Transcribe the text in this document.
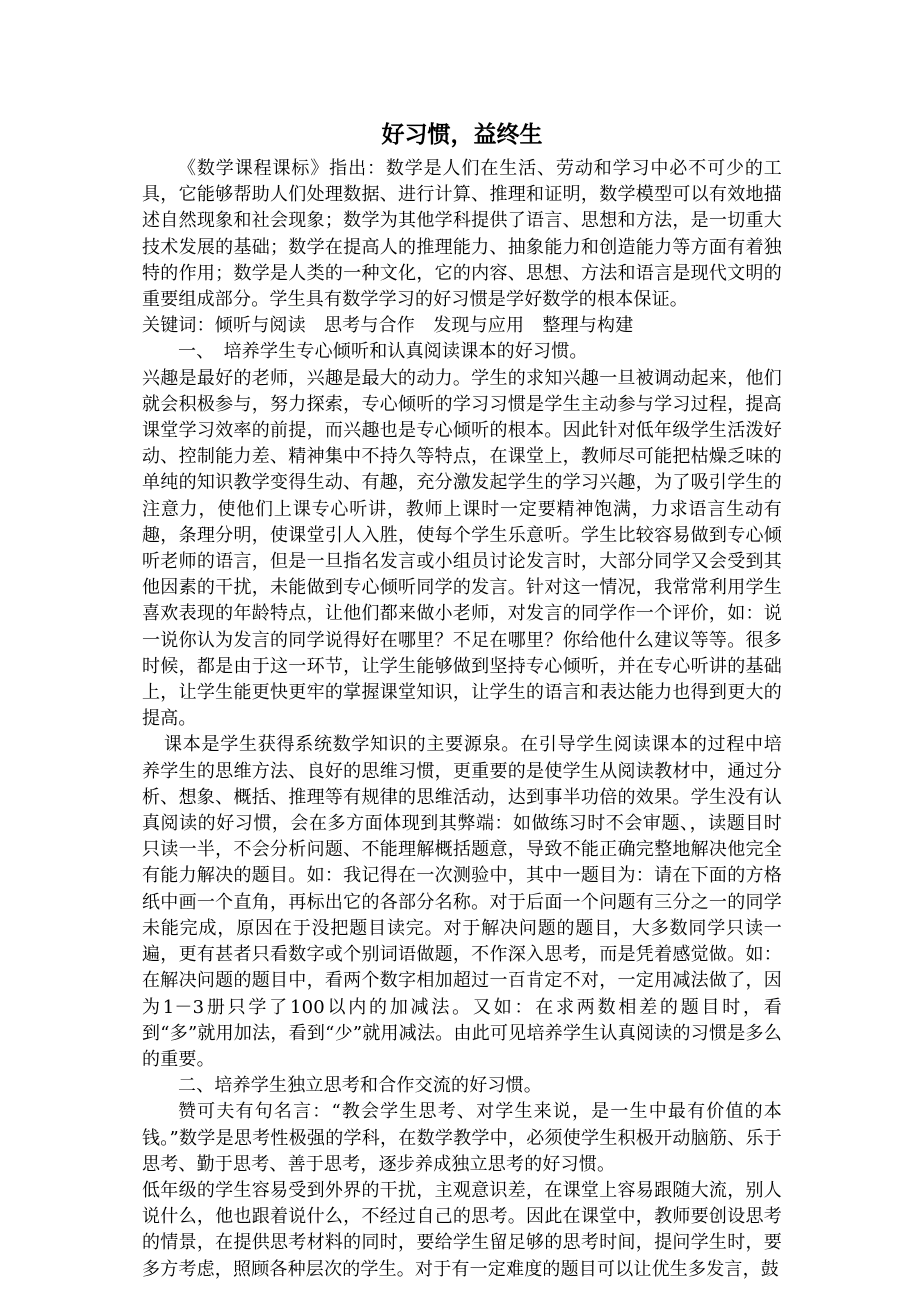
好习惯，益终生

《数学课程课标》指出：数学是人们在生活、劳动和学习中必不可少的工具，它能够帮助人们处理数据、进行计算、推理和证明，数学模型可以有效地描述自然现象和社会现象；数学为其他学科提供了语言、思想和方法，是一切重大技术发展的基础；数学在提高人的推理能力、抽象能力和创造能力等方面有着独特的作用；数学是人类的一种文化，它的内容、思想、方法和语言是现代文明的重要组成部分。学生具有数学学习的好习惯是学好数学的根本保证。

关键词：倾听与阅读　思考与合作　发现与应用　整理与构建

一、　培养学生专心倾听和认真阅读课本的好习惯。

兴趣是最好的老师，兴趣是最大的动力。学生的求知兴趣一旦被调动起来，他们就会积极参与，努力探索，专心倾听的学习习惯是学生主动参与学习过程，提高课堂学习效率的前提，而兴趣也是专心倾听的根本。因此针对低年级学生活泼好动、控制能力差、精神集中不持久等特点，在课堂上，教师尽可能把枯燥乏味的单纯的知识教学变得生动、有趣，充分激发起学生的学习兴趣，为了吸引学生的注意力，使他们上课专心听讲，教师上课时一定要精神饱满，力求语言生动有趣，条理分明，使课堂引人入胜，使每个学生乐意听。学生比较容易做到专心倾听老师的语言，但是一旦指名发言或小组员讨论发言时，大部分同学又会受到其他因素的干扰，未能做到专心倾听同学的发言。针对这一情况，我常常利用学生喜欢表现的年龄特点，让他们都来做小老师，对发言的同学作一个评价，如：说一说你认为发言的同学说得好在哪里？不足在哪里？你给他什么建议等等。很多时候，都是由于这一环节，让学生能够做到坚持专心倾听，并在专心听讲的基础上，让学生能更快更牢的掌握课堂知识，让学生的语言和表达能力也得到更大的提高。

课本是学生获得系统数学知识的主要源泉。在引导学生阅读课本的过程中培养学生的思维方法、良好的思维习惯，更重要的是使学生从阅读教材中，通过分析、想象、概括、推理等有规律的思维活动，达到事半功倍的效果。学生没有认真阅读的好习惯，会在多方面体现到其弊端：如做练习时不会审题、，读题目时只读一半，不会分析问题、不能理解概括题意，导致不能正确完整地解决他完全有能力解决的题目。如：我记得在一次测验中，其中一题目为：请在下面的方格纸中画一个直角，再标出它的各部分名称。对于后面一个问题有三分之一的同学未能完成，原因在于没把题目读完。对于解决问题的题目，大多数同学只读一遍，更有甚者只看数字或个别词语做题，不作深入思考，而是凭着感觉做。如：在解决问题的题目中，看两个数字相加超过一百肯定不对，一定用减法做了，因为1－3册只学了100以内的加减法。又如：在求两数相差的题目时，看到“多”就用加法，看到“少”就用减法。由此可见培养学生认真阅读的习惯是多么的重要。

二、培养学生独立思考和合作交流的好习惯。

赞可夫有句名言：“教会学生思考、对学生来说，是一生中最有价值的本钱。”数学是思考性极强的学科，在数学教学中，必须使学生积极开动脑筋、乐于思考、勤于思考、善于思考，逐步养成独立思考的好习惯。

低年级的学生容易受到外界的干扰，主观意识差，在课堂上容易跟随大流，别人说什么，他也跟着说什么，不经过自己的思考。因此在课堂中，教师要创设思考的情景，在提供思考材料的同时，要给学生留足够的思考时间，提问学生时，要多方考虑，照顾各种层次的学生。对于有一定难度的题目可以让优生多发言，鼓
